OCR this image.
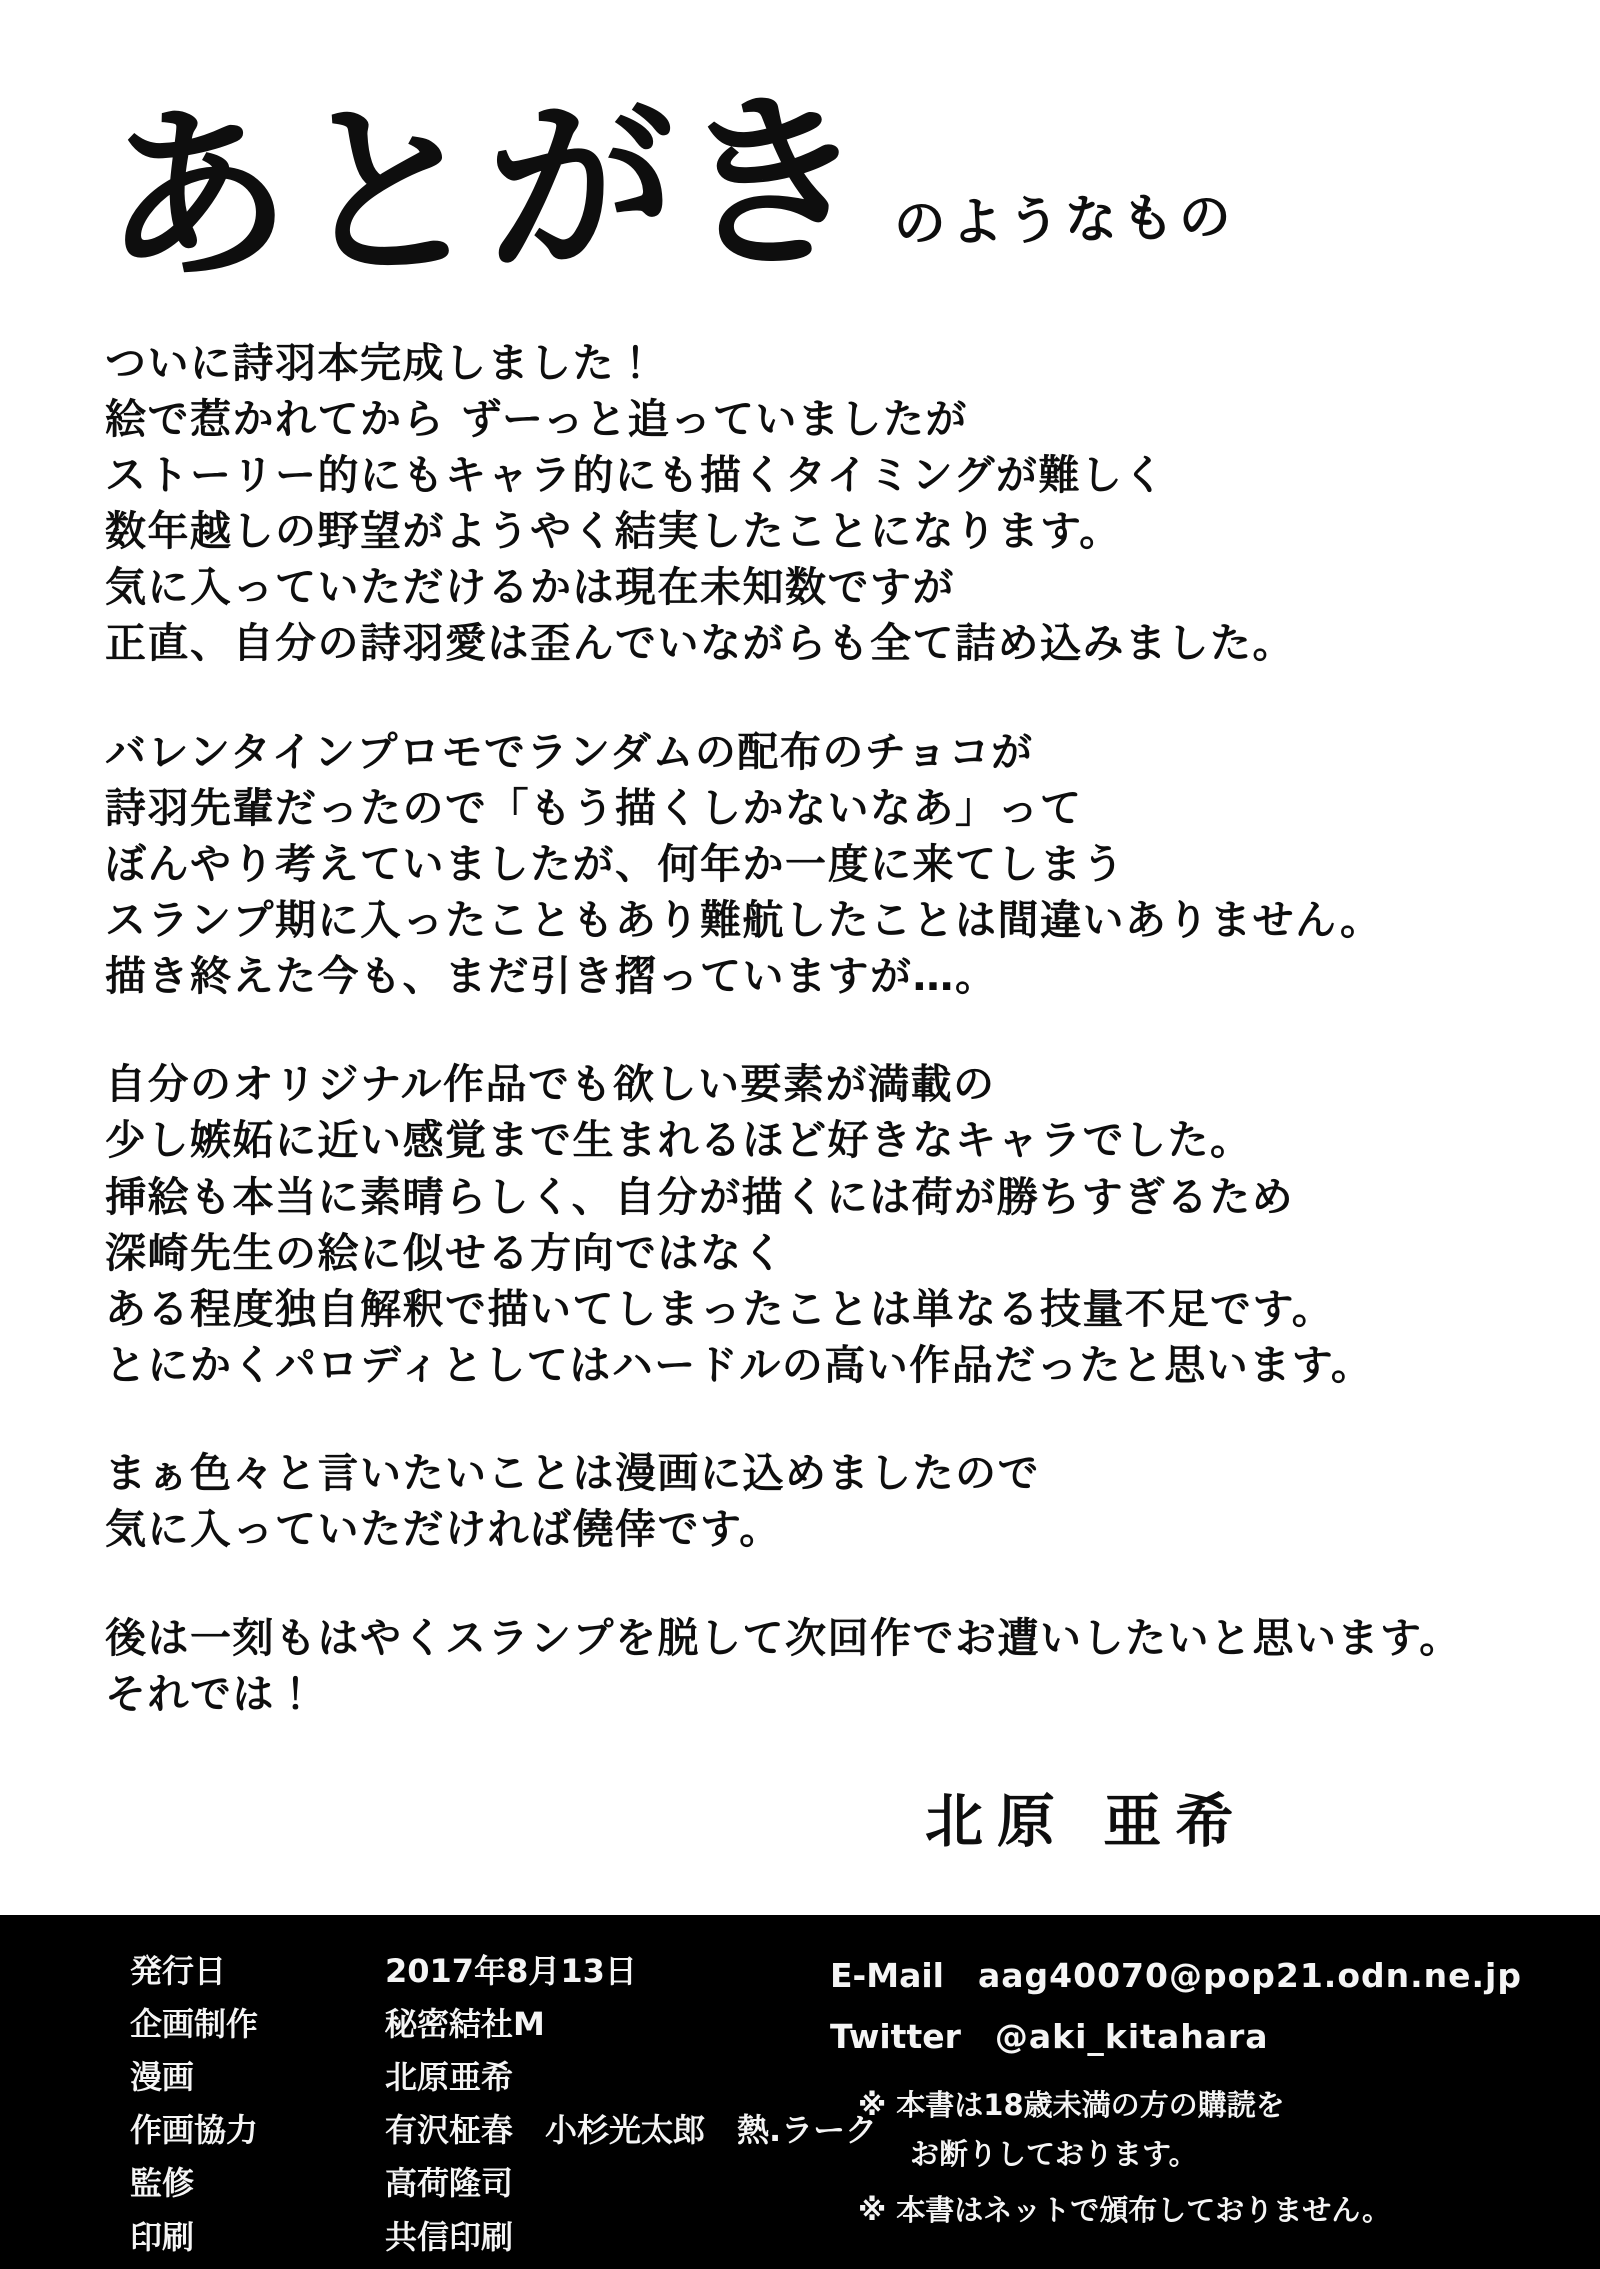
あとがき のようなもの
ついに詩羽本完成しました！
絵で惹かれてから ずーっと追っていましたが
ストーリー的にもキャラ的にも描くタイミングが難しく
数年越しの野望がようやく結実したことになります。
気に入っていただけるかは現在未知数ですが
正直、自分の詩羽愛は歪んでいながらも全て詰め込みました。
バレンタインプロモでランダムの配布のチョコが
詩羽先輩だったので「もう描くしかないなあ」って
ぼんやり考えていましたが、何年か一度に来てしまう
スランプ期に入ったこともあり難航したことは間違いありません。
描き終えた今も、まだ引き摺っていますが…。
自分のオリジナル作品でも欲しい要素が満載の
少し嫉妬に近い感覚まで生まれるほど好きなキャラでした。
挿絵も本当に素晴らしく、自分が描くには荷が勝ちすぎるため
深崎先生の絵に似せる方向ではなく
ある程度独自解釈で描いてしまったことは単なる技量不足です。
とにかくパロディとしてはハードルの高い作品だったと思います。
まぁ色々と言いたいことは漫画に込めましたので
気に入っていただければ僥倖です。
後は一刻もはやくスランプを脱して次回作でお遭いしたいと思います。
それでは！
北原 亜希
発行日	2017年8月13日
企画制作	秘密結社M
漫画	北原亜希
作画協力	有沢柾春　小杉光太郎　熱.ラーク
監修	高荷隆司
印刷	共信印刷
E-Mail aag40070@pop21.odn.ne.jp
Twitter @aki_kitahara
※ 本書は18歳未満の方の購読を
お断りしております。
※ 本書はネットで頒布しておりません。
